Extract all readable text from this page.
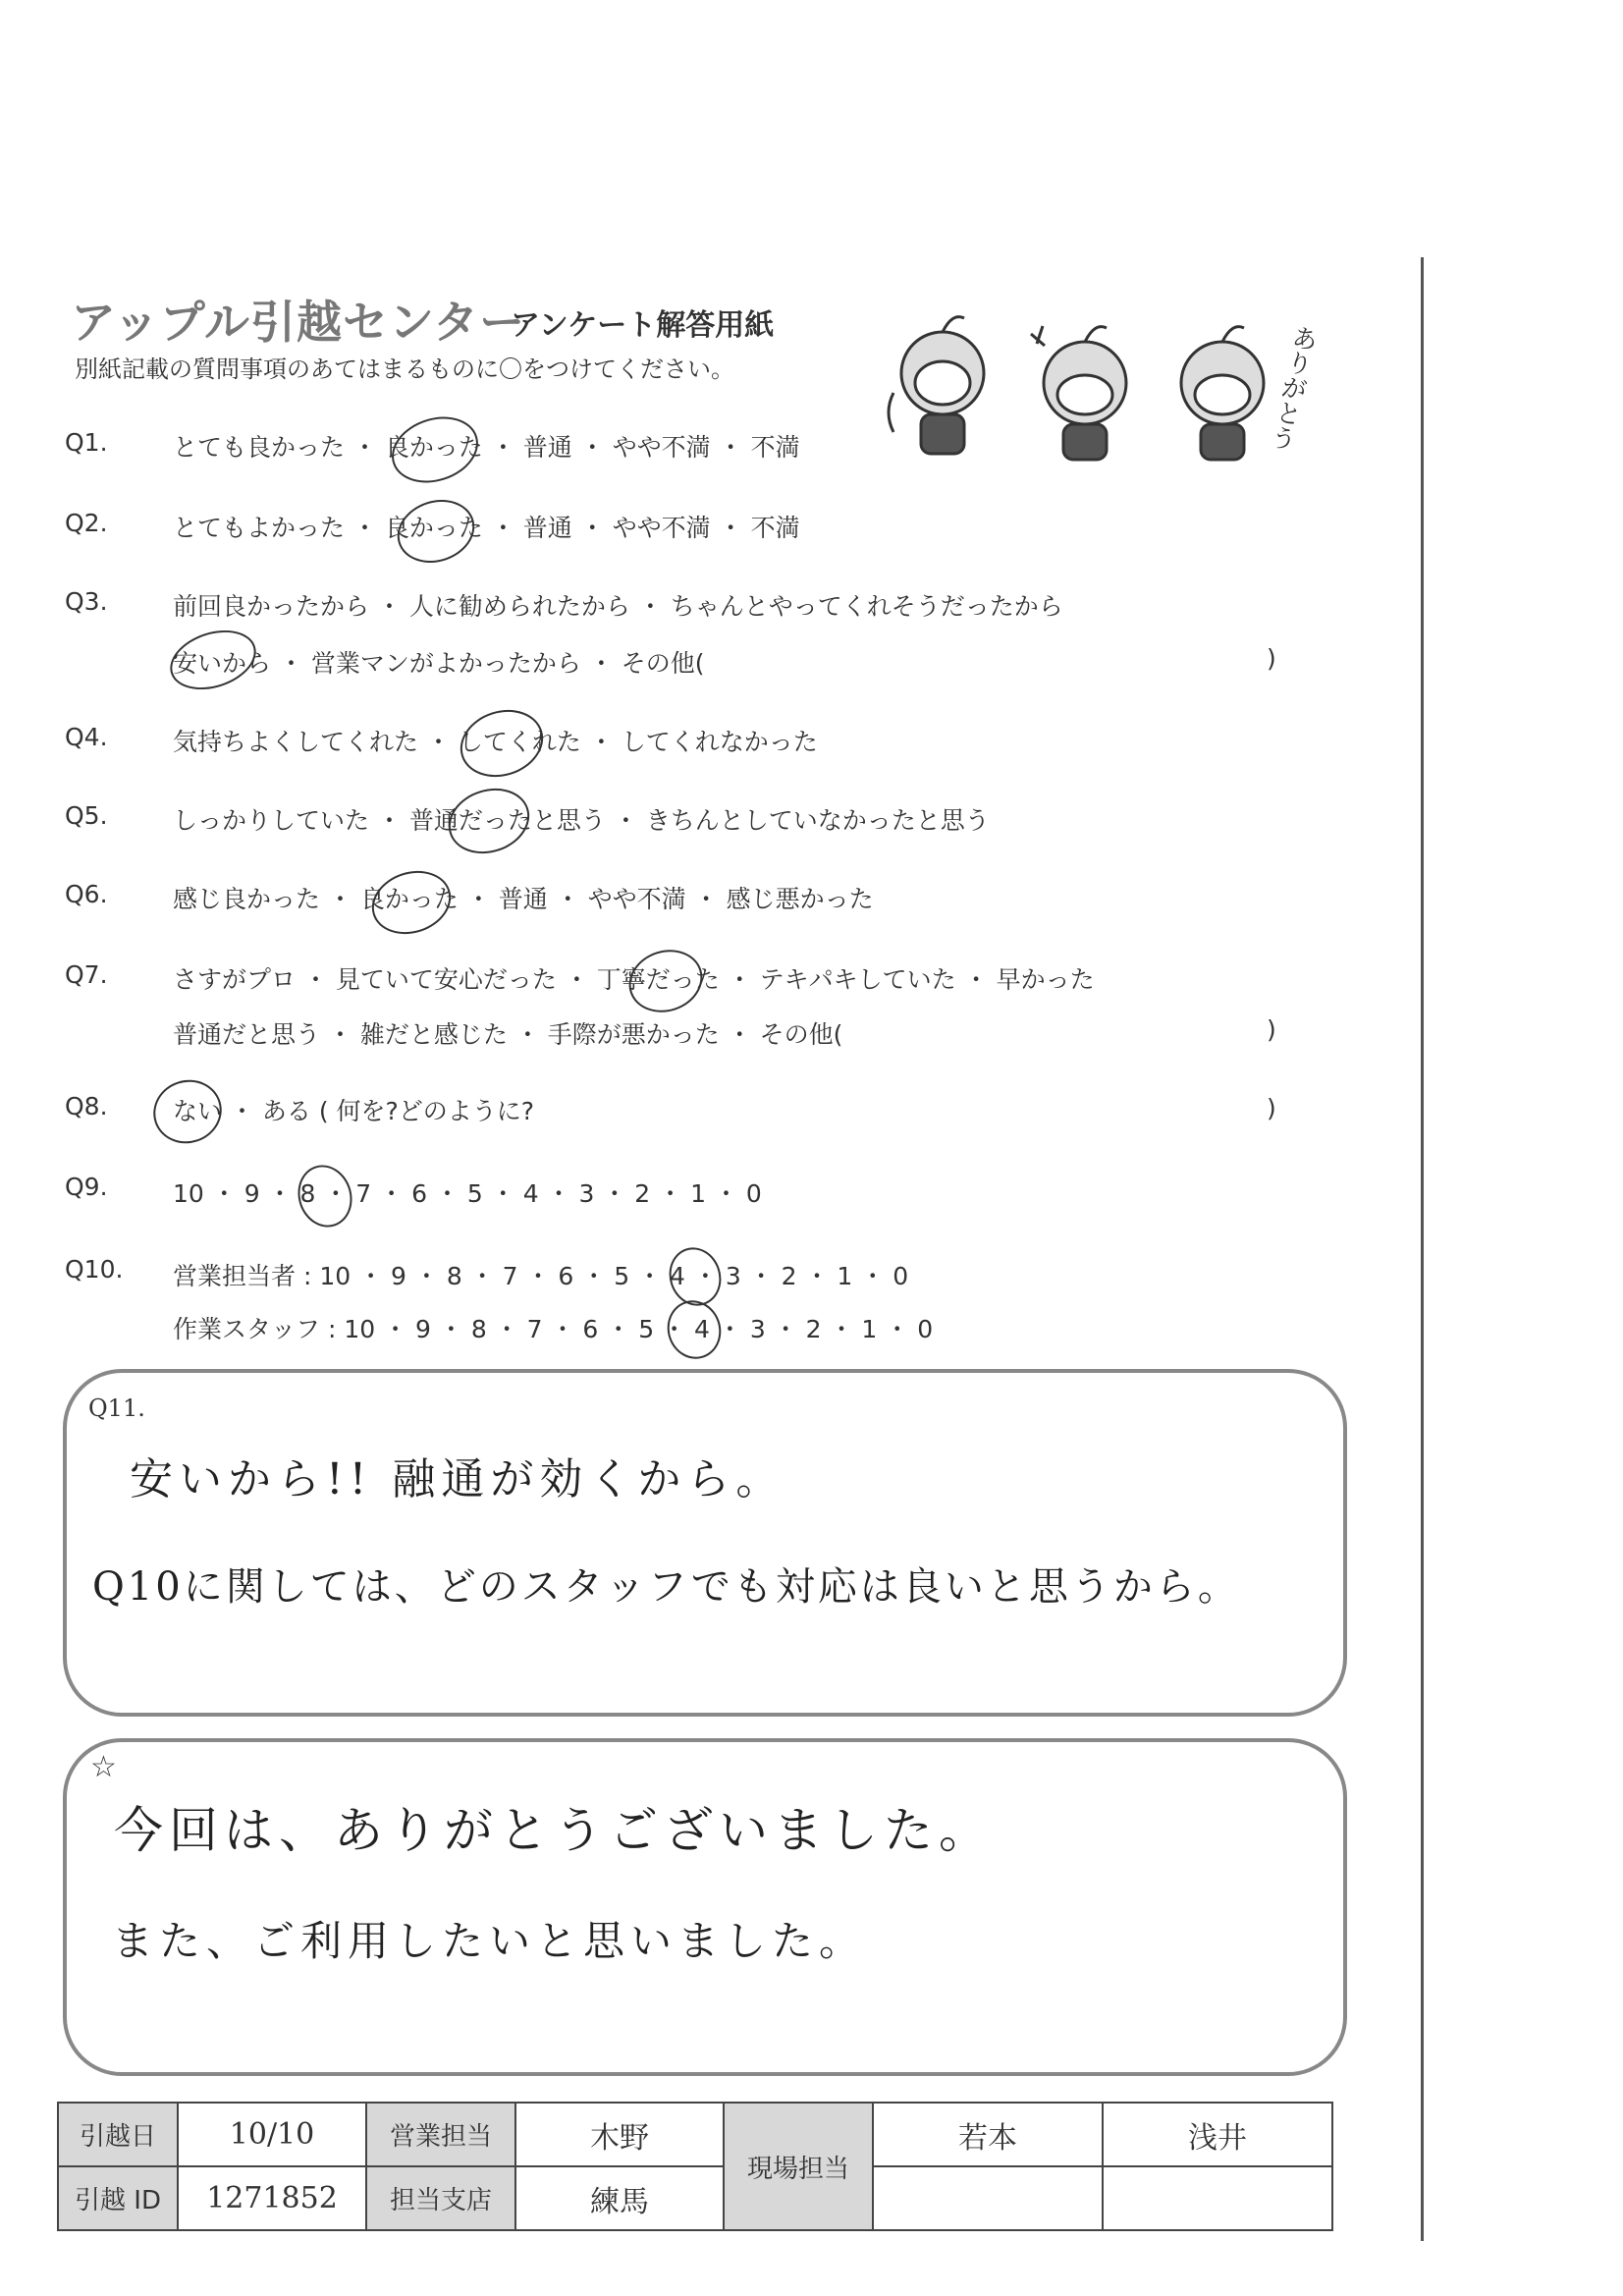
アップル引越センター
アンケート解答用紙
別紙記載の質問事項のあてはまるものに〇をつけてください。	ありがとう
Q1.	とても良かった ・ 良かった ・ 普通 ・ やや不満 ・ 不満
Q2.	とてもよかった ・ 良かった ・ 普通 ・ やや不満 ・ 不満
Q3.	前回良かったから ・ 人に勧められたから ・ ちゃんとやってくれそうだったから
安いから ・ 営業マンがよかったから ・ その他(	)
Q4.	気持ちよくしてくれた ・ してくれた ・ してくれなかった
Q5.	しっかりしていた ・ 普通だったと思う ・ きちんとしていなかったと思う
Q6.	感じ良かった ・ 良かった ・ 普通 ・ やや不満 ・ 感じ悪かった
Q7.	さすがプロ ・ 見ていて安心だった ・ 丁寧だった ・ テキパキしていた ・ 早かった
普通だと思う ・ 雑だと感じた ・ 手際が悪かった ・ その他(	)
Q8.	ない ・ ある ( 何を?どのように?	)
Q9.	10 ・ 9 ・ 8 ・ 7 ・ 6 ・ 5 ・ 4 ・ 3 ・ 2 ・ 1 ・ 0
Q10. 営業担当者 : 10 ・ 9 ・ 8 ・ 7 ・ 6 ・ 5 ・ 4 ・ 3 ・ 2 ・ 1 ・ 0
作業スタッフ : 10 ・ 9 ・ 8 ・ 7 ・ 6 ・ 5 ・ 4 ・ 3 ・ 2 ・ 1 ・ 0
Q11.
安いから!! 融通が効くから。
Q10に関しては、どのスタッフでも対応は良いと思うから。
☆
今回は、ありがとうございました。
また、ご利用したいと思いました。
引越日	10/10	営業担当	木野	現場担当	若本	浅井
引越 ID	1271852	担当支店	練馬			
